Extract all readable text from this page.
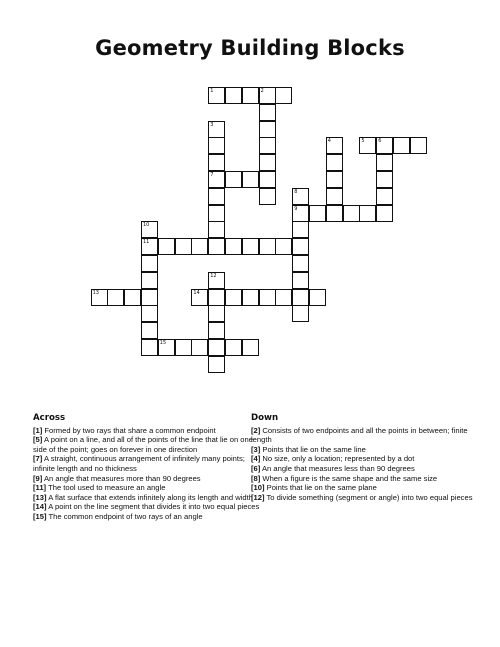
Geometry Building Blocks
1	2
3
7
4	5	6
8
9
10
11
12
13	14
15
Across
[1] Formed by two rays that share a common endpoint
[5] A point on a line, and all of the points of the line that lie on one side of the point; goes on forever in one direction
[7] A straight, continuous arrangement of infinitely many points; infinite length and no thickness
[9] An angle that measures more than 90 degrees
[11] The tool used to measure an angle
[13] A flat surface that extends infinitely along its length and width
[14] A point on the line segment that divides it into two equal pieces
[15] The common endpoint of two rays of an angle
Down
[2] Consists of two endpoints and all the points in between; finite length
[3] Points that lie on the same line
[4] No size, only a location; represented by a dot
[6] An angle that measures less than 90 degrees
[8] When a figure is the same shape and the same size
[10] Points that lie on the same plane
[12] To divide something (segment or angle) into two equal pieces
